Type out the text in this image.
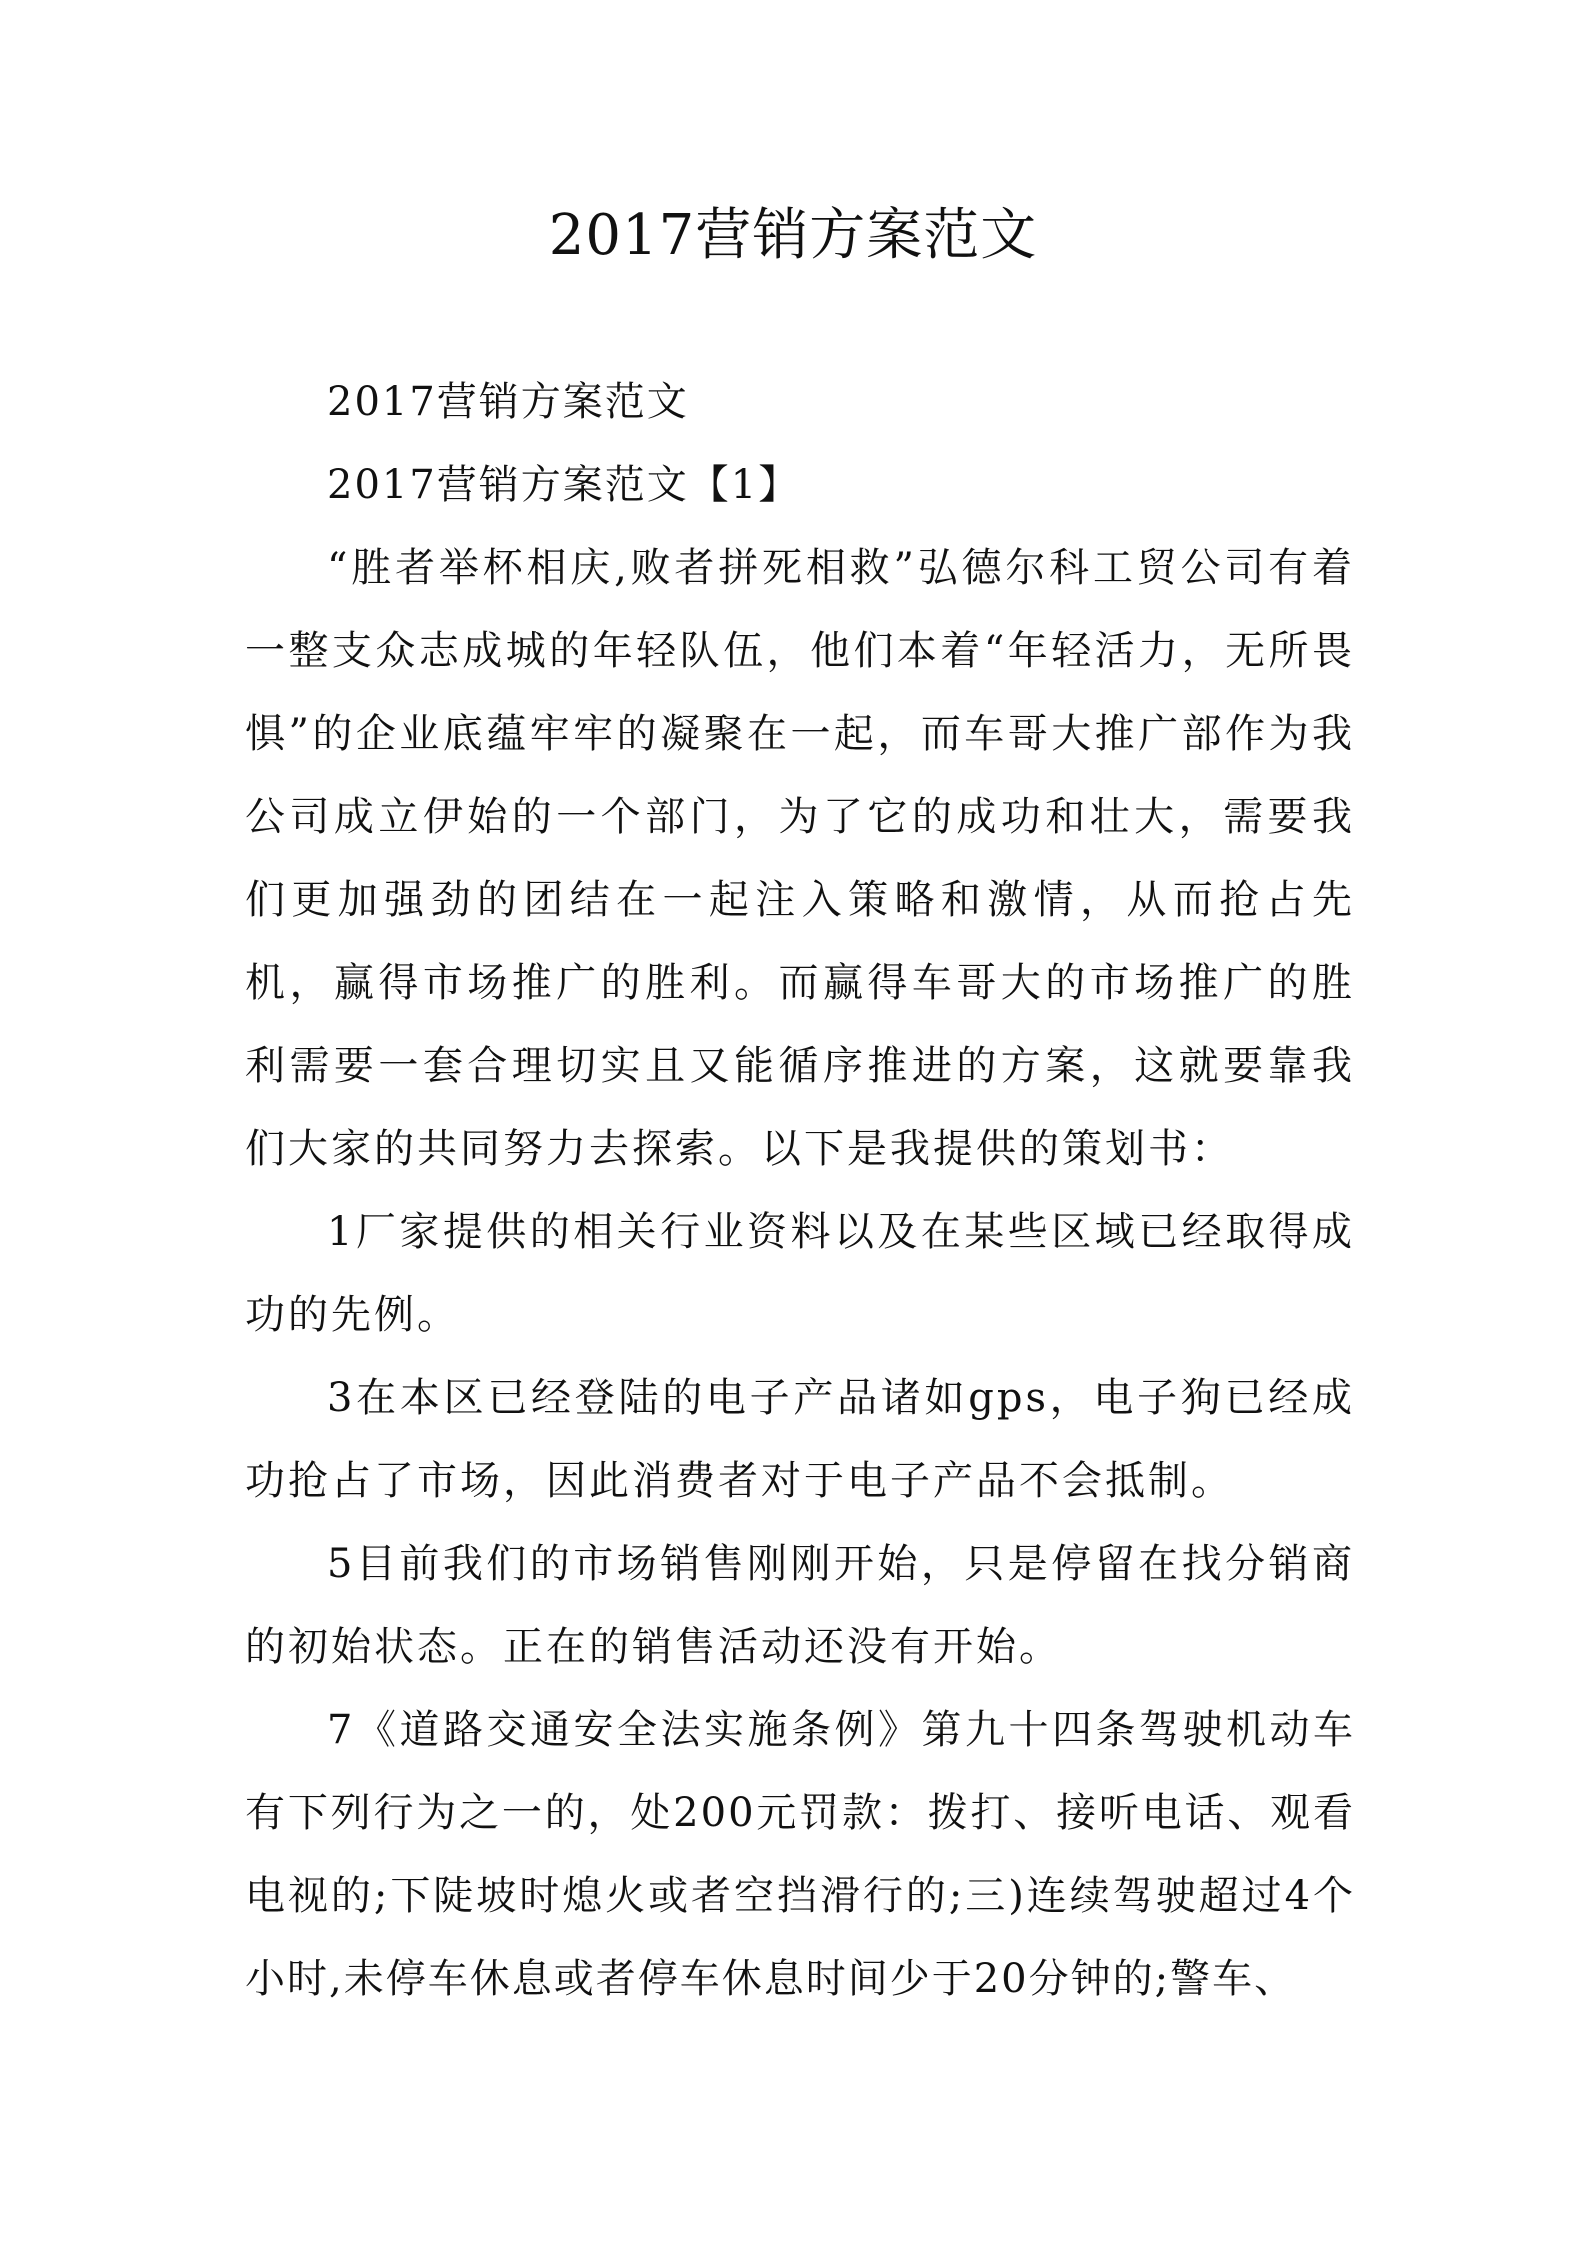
2017营销方案范文

2017营销方案范文

2017营销方案范文【1】

“胜者举杯相庆,败者拼死相救”弘德尔科工贸公司有着一整支众志成城的年轻队伍，他们本着“年轻活力，无所畏惧”的企业底蕴牢牢的凝聚在一起，而车哥大推广部作为我公司成立伊始的一个部门，为了它的成功和壮大，需要我们更加强劲的团结在一起注入策略和激情，从而抢占先机，赢得市场推广的胜利。而赢得车哥大的市场推广的胜利需要一套合理切实且又能循序推进的方案，这就要靠我们大家的共同努力去探索。以下是我提供的策划书：

1厂家提供的相关行业资料以及在某些区域已经取得成功的先例。

3在本区已经登陆的电子产品诸如gps，电子狗已经成功抢占了市场，因此消费者对于电子产品不会抵制。

5目前我们的市场销售刚刚开始，只是停留在找分销商的初始状态。正在的销售活动还没有开始。

7《道路交通安全法实施条例》第九十四条驾驶机动车有下列行为之一的，处200元罚款：拨打、接听电话、观看电视的;下陡坡时熄火或者空挡滑行的;三)连续驾驶超过4个小时,未停车休息或者停车休息时间少于20分钟的;警车、
